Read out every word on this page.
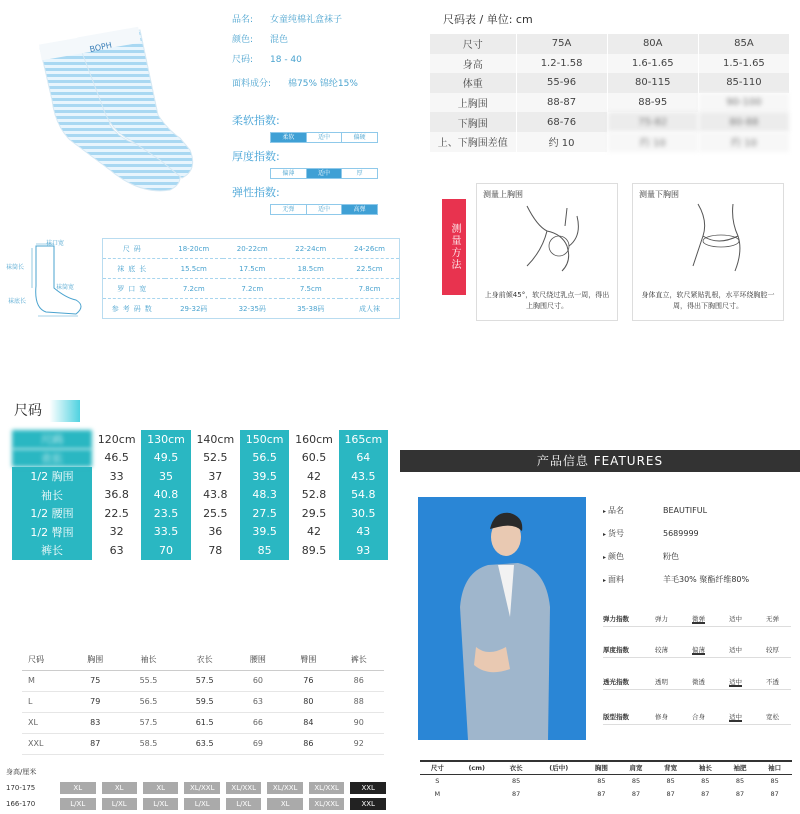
BOPH
品名: 女童纯棉礼盒袜子
颜色: 混色
尺码: 18 - 40
面料成分: 棉75% 锦纶15%
柔软指数:
柔软	适中	偏硬
厚度指数:
偏薄	适中	厚
弹性指数:
无弹	适中	高弹
袜口宽
袜筒长
袜筒宽
袜底长
尺码	18-20cm	20-22cm	22-24cm	24-26cm
袜底长	15.5cm	17.5cm	18.5cm	22.5cm
罗口宽	7.2cm	7.2cm	7.5cm	7.8cm
参考码数	29-32码	32-35码	35-38码	成人袜
尺码表 / 单位: cm
尺寸	75A	80A	85A
身高	1.2-1.58	1.6-1.65	1.5-1.65
体重	55-96	80-115	85-110
上胸围	88-87	88-95	90-100
下胸围	68-76	75-82	80-88
上、下胸围差值	约 10	约 10	约 10
测量方法
测量上胸围
上身前倾45°，软尺绕过乳点一周，得出上胸围尺寸。
测量下胸围
身体直立，软尺紧贴乳根，水平环绕胸腔一周，得出下胸围尺寸。
尺码
尺码	120cm	130cm	140cm	150cm	160cm	165cm
衣长	46.5	49.5	52.5	56.5	60.5	64
1/2 胸围	33	35	37	39.5	42	43.5
袖长	36.8	40.8	43.8	48.3	52.8	54.8
1/2 腰围	22.5	23.5	25.5	27.5	29.5	30.5
1/2 臀围	32	33.5	36	39.5	42	43
裤长	63	70	78	85	89.5	93
尺码	胸围	袖长	衣长	腰围	臀围	裤长
M	75	55.5	57.5	60	76	86
L	79	56.5	59.5	63	80	88
XL	83	57.5	61.5	66	84	90
XXL	87	58.5	63.5	69	86	92
身高/厘米								
170-175	XL	XL	XL	XL/XXL	XL/XXL	XL/XXL	XL/XXL	XXL
166-170	L/XL	L/XL	L/XL	L/XL	L/XL	XL	XL/XXL	XXL
产品信息 FEATURES
▸ 品名	BEAUTIFUL
▸ 货号	5689999
▸ 颜色	粉色
▸ 面料	羊毛30% 聚酯纤维80%
弹力指数	弹力	微弹	适中	无弹
厚度指数	较薄	偏薄	适中	较厚
透光指数	透明	微透	适中	不透
版型指数	修身	合身	适中	宽松
尺寸	(cm)	衣长	(后中)	胸围	肩宽	背宽	袖长	袖肥	袖口
S		85		85	85	85	85	85	85
M		87		87	87	87	87	87	87
